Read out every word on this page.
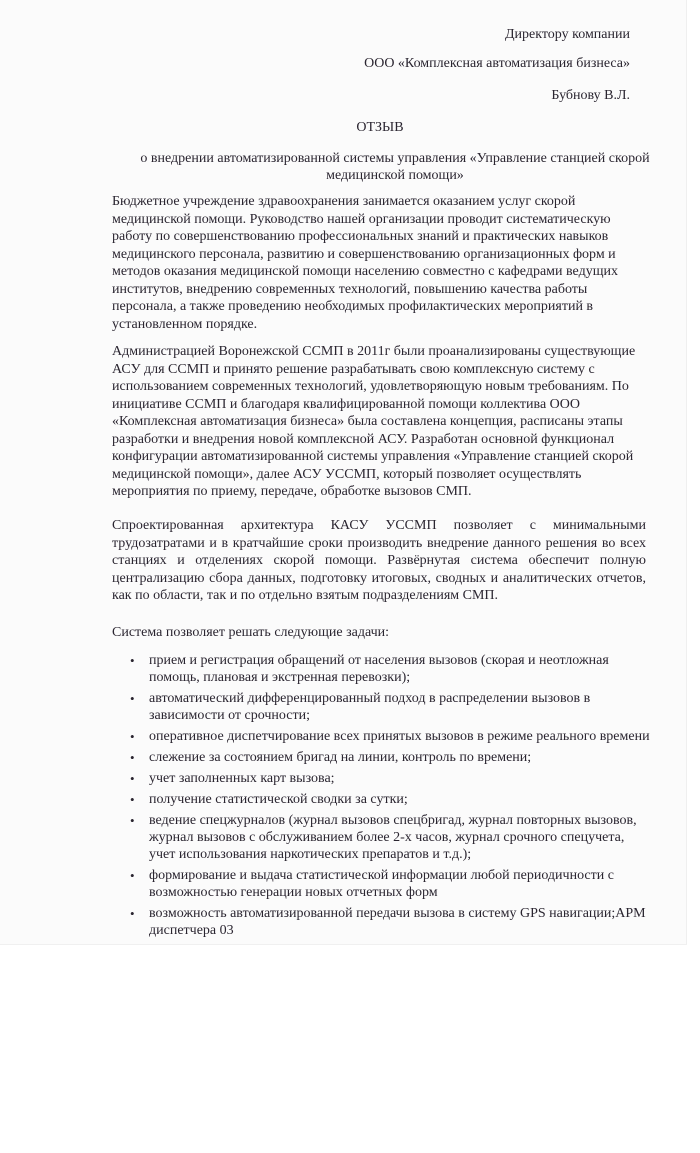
Директору компании
ООО «Комплексная автоматизация бизнеса»
Бубнову В.Л.
ОТЗЫВ
о внедрении автоматизированной системы управления «Управление станцией скорой медицинской помощи»

Бюджетное учреждение здравоохранения занимается оказанием услуг скорой медицинской помощи. Руководство нашей организации проводит систематическую работу по совершенствованию профессиональных знаний и практических навыков медицинского персонала, развитию и совершенствованию организационных форм и методов оказания медицинской помощи населению совместно с кафедрами ведущих институтов, внедрению современных технологий, повышению качества работы персонала, а также проведению необходимых профилактических мероприятий в установленном порядке.

Администрацией Воронежской ССМП в 2011г были проанализированы существующие АСУ для ССМП и принято решение разрабатывать свою комплексную систему с использованием современных технологий, удовлетворяющую новым требованиям. По инициативе ССМП и благодаря квалифицированной помощи коллектива ООО «Комплексная автоматизация бизнеса» была составлена концепция, расписаны этапы разработки и внедрения новой комплексной АСУ. Разработан основной функционал конфигурации автоматизированной системы управления «Управление станцией скорой медицинской помощи», далее АСУ УССМП, который позволяет осуществлять мероприятия по приему, передаче, обработке вызовов СМП.

Спроектированная архитектура КАСУ УССМП позволяет с минимальными трудозатратами и в кратчайшие сроки производить внедрение данного решения во всех станциях и отделениях скорой помощи. Развёрнутая система обеспечит полную централизацию сбора данных, подготовку итоговых, сводных и аналитических отчетов, как по области, так и по отдельно взятым подразделениям СМП.

Система позволяет решать следующие задачи:

• прием и регистрация обращений от населения вызовов (скорая и неотложная помощь, плановая и экстренная перевозки);
• автоматический дифференцированный подход в распределении вызовов в зависимости от срочности;
• оперативное диспетчирование всех принятых вызовов в режиме реального времени
• слежение за состоянием бригад на линии, контроль по времени;
• учет заполненных карт вызова;
• получение статистической сводки за сутки;
• ведение спецжурналов (журнал вызовов спецбригад, журнал повторных вызовов, журнал вызовов с обслуживанием более 2-х часов, журнал срочного спецучета, учет использования наркотических препаратов и т.д.);
• формирование и выдача статистической информации любой периодичности с возможностью генерации новых отчетных форм
• возможность автоматизированной передачи вызова в систему GPS навигации;АРМ диспетчера 03
